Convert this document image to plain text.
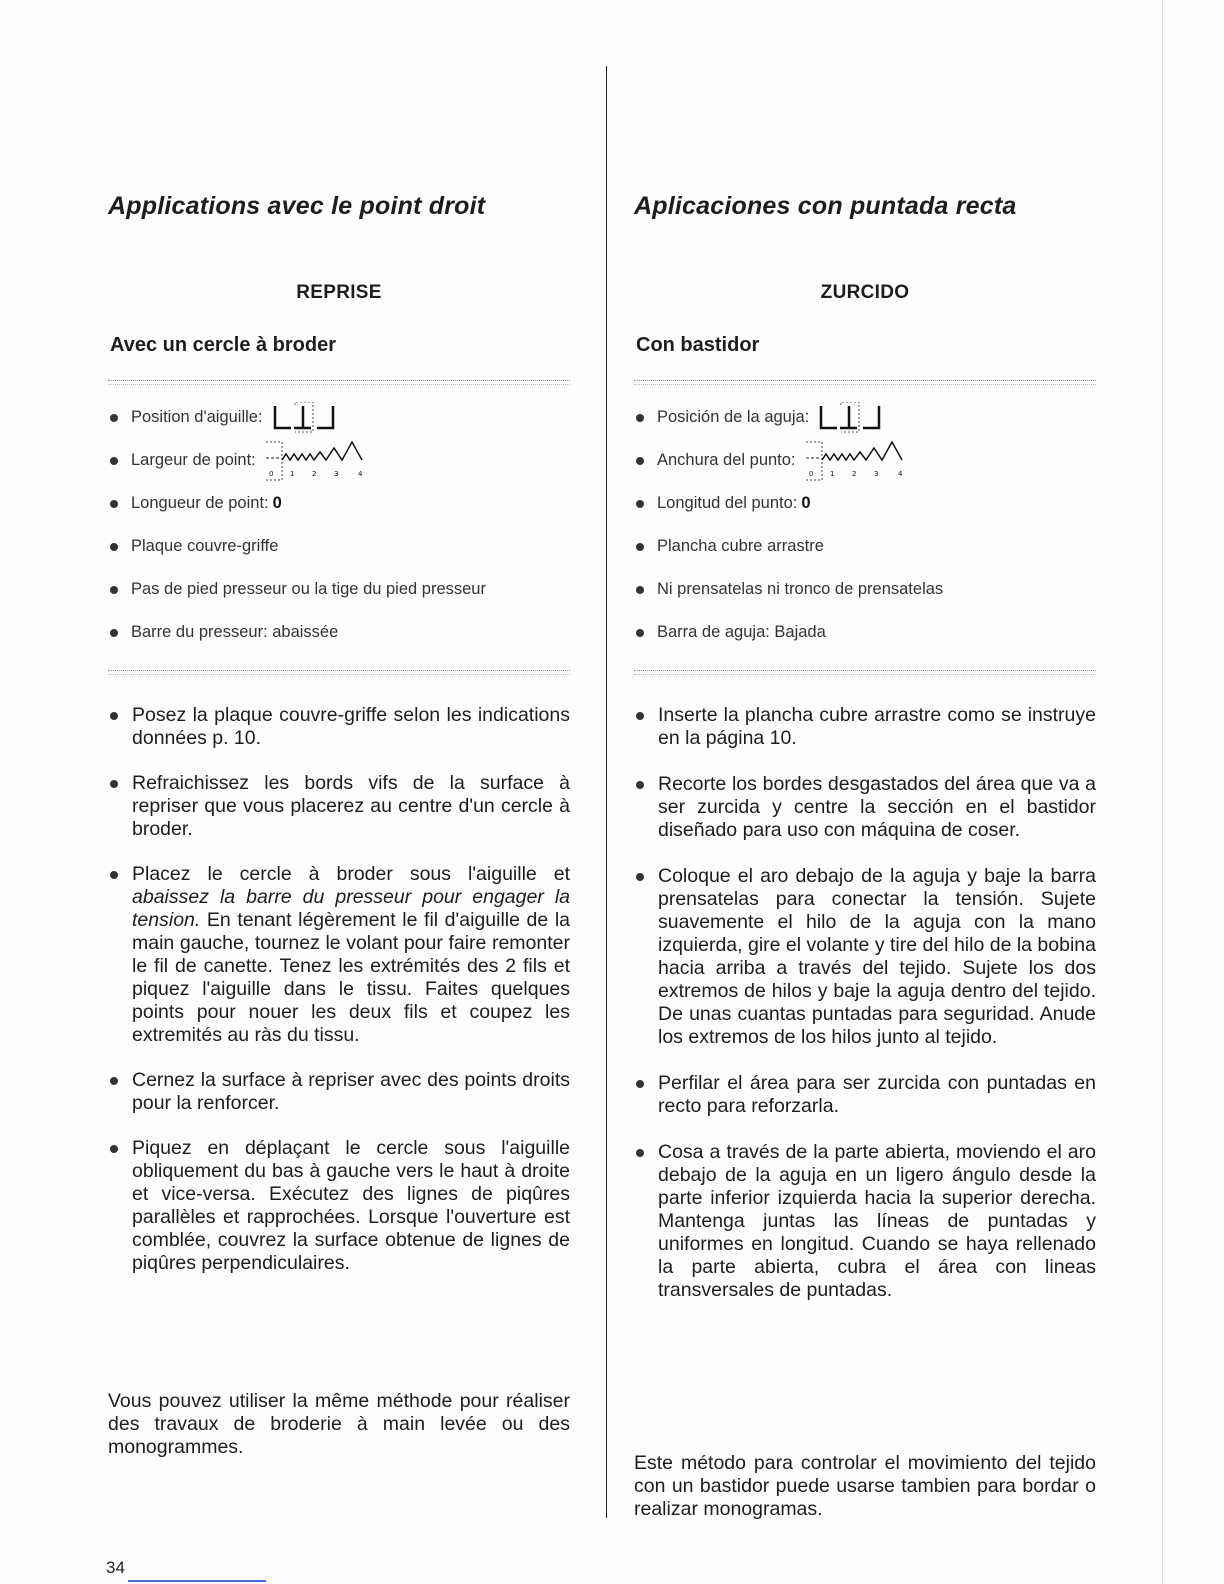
Applications avec le point droit
REPRISE
Avec un cercle à broder
Position d'aiguille:
Largeur de point:
0 1	2	3	4
Longueur de point: 0
Plaque couvre-griffe
Pas de pied presseur ou la tige du pied presseur
Barre du presseur: abaissée
Posez la plaque couvre-griffe selon les indications données p. 10.
Refraichissez les bords vifs de la surface à repriser que vous placerez au centre d'un cercle à broder.
Placez le cercle à broder sous l'aiguille et abaissez la barre du presseur pour engager la tension. En tenant légèrement le fil d'aiguille de la main gauche, tournez le volant pour faire remonter le fil de canette. Tenez les extrémités des 2 fils et piquez l'aiguille dans le tissu. Faites quelques points pour nouer les deux fils et coupez les extremités au ràs du tissu.
Cernez la surface à repriser avec des points droits pour la renforcer.
Piquez en déplaçant le cercle sous l'aiguille obliquement du bas à gauche vers le haut à droite et vice-versa. Exécutez des lignes de piqûres parallèles et rapprochées. Lorsque l'ouverture est comblée, couvrez la surface obtenue de lignes de piqûres perpendiculaires.
Vous pouvez utiliser la même méthode pour réaliser des travaux de broderie à main levée ou des monogrammes.
Aplicaciones con puntada recta
ZURCIDO
Con bastidor
Posición de la aguja:
Anchura del punto:
0 1	2	3	4
Longitud del punto: 0
Plancha cubre arrastre
Ni prensatelas ni tronco de prensatelas
Barra de aguja: Bajada
Inserte la plancha cubre arrastre como se instruye en la página 10.
Recorte los bordes desgastados del área que va a ser zurcida y centre la sección en el bastidor diseñado para uso con máquina de coser.
Coloque el aro debajo de la aguja y baje la barra prensatelas para conectar la tensión. Sujete suavemente el hilo de la aguja con la mano izquierda, gire el volante y tire del hilo de la bobina hacia arriba a través del tejido. Sujete los dos extremos de hilos y baje la aguja dentro del tejido. De unas cuantas puntadas para seguridad. Anude los extremos de los hilos junto al tejido.
Perfilar el área para ser zurcida con puntadas en recto para reforzarla.
Cosa a través de la parte abierta, moviendo el aro debajo de la aguja en un ligero ángulo desde la parte inferior izquierda hacia la superior derecha. Mantenga juntas las líneas de puntadas y uniformes en longitud. Cuando se haya rellenado la parte abierta, cubra el área con lineas transversales de puntadas.
Este método para controlar el movimiento del tejido con un bastidor puede usarse tambien para bordar o realizar monogramas.
34
